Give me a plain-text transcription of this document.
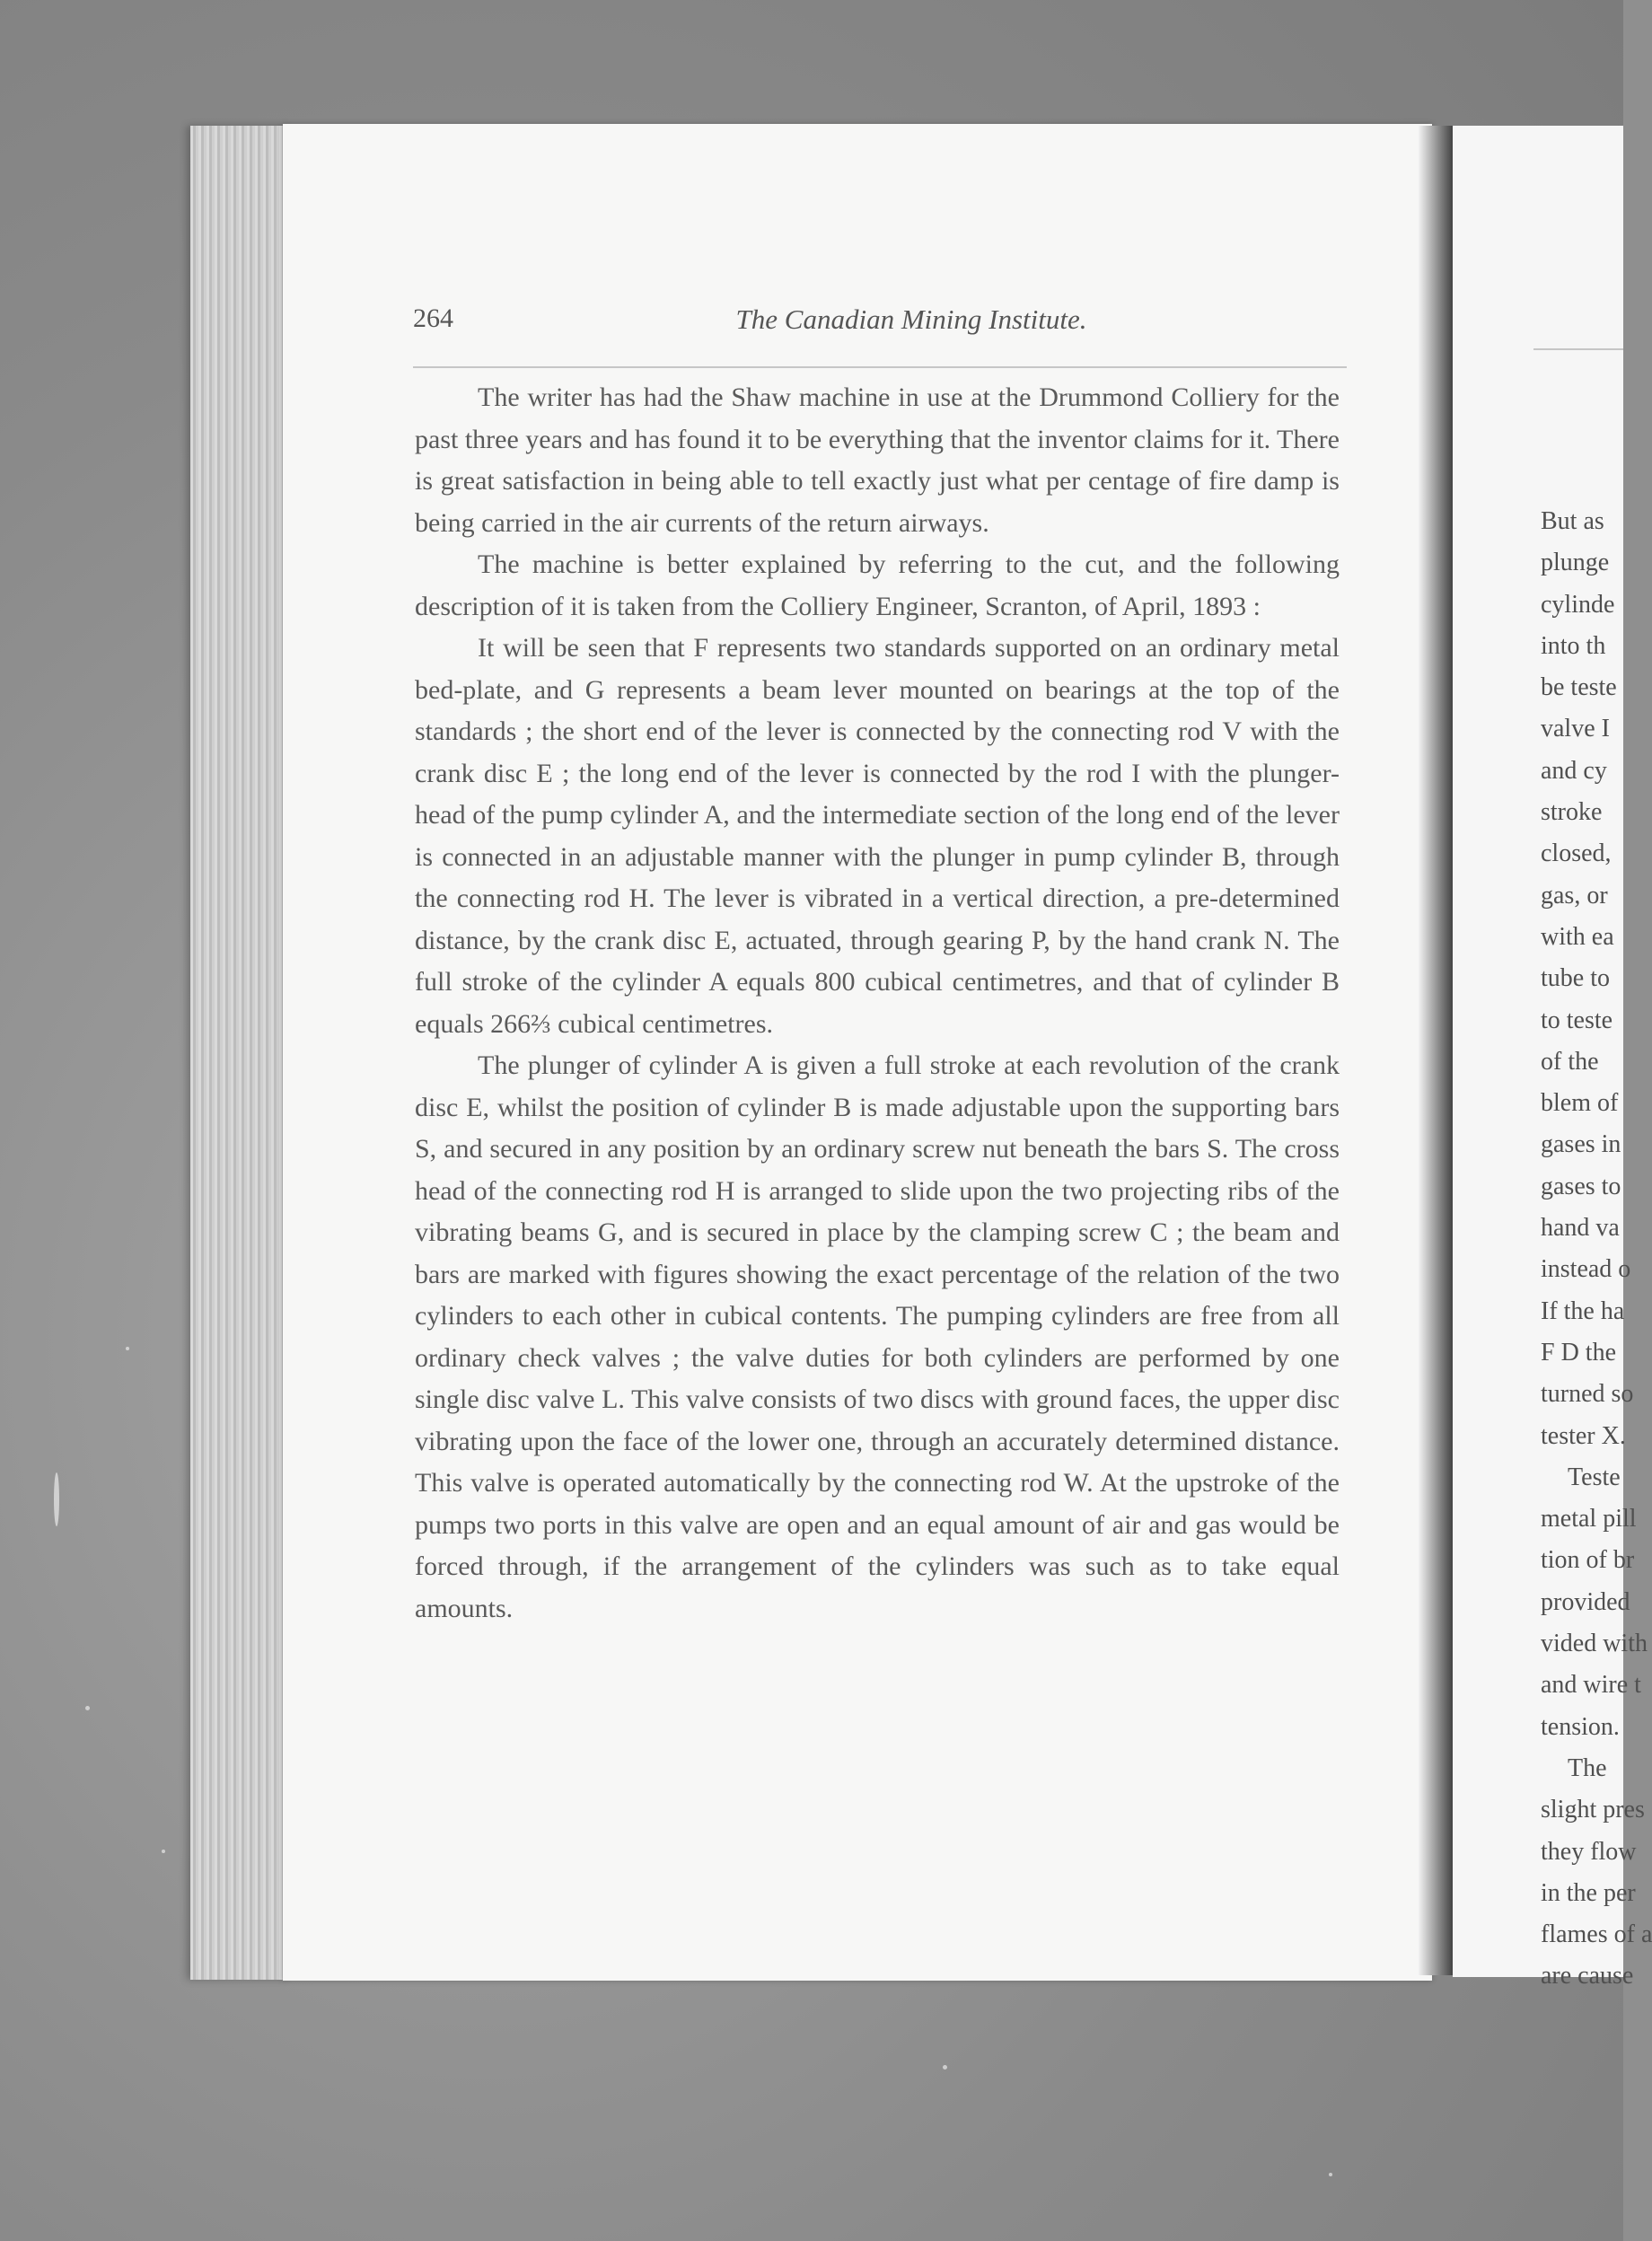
264	The Canadian Mining Institute.

The writer has had the Shaw machine in use at the Drummond Colliery for the past three years and has found it to be everything that the inventor claims for it. There is great satisfaction in being able to tell exactly just what per centage of fire damp is being carried in the air currents of the return airways.

The machine is better explained by referring to the cut, and the following description of it is taken from the Colliery Engineer, Scranton, of April, 1893 :

It will be seen that F represents two standards supported on an ordinary metal bed-plate, and G represents a beam lever mounted on bearings at the top of the standards ; the short end of the lever is connected by the connecting rod V with the crank disc E ; the long end of the lever is connected by the rod I with the plunger-head of the pump cylinder A, and the intermediate section of the long end of the lever is connected in an adjustable manner with the plunger in pump cylinder B, through the connecting rod H. The lever is vibrated in a vertical direction, a pre-determined distance, by the crank disc E, actuated, through gearing P, by the hand crank N. The full stroke of the cylinder A equals 800 cubical centimetres, and that of cylinder B equals 266⅔ cubical centimetres.

The plunger of cylinder A is given a full stroke at each revolution of the crank disc E, whilst the position of cylinder B is made adjustable upon the supporting bars S, and secured in any position by an ordinary screw nut beneath the bars S. The cross head of the connecting rod H is arranged to slide upon the two projecting ribs of the vibrating beams G, and is secured in place by the clamping screw C ; the beam and bars are marked with figures showing the exact percentage of the relation of the two cylinders to each other in cubical contents. The pumping cylinders are free from all ordinary check valves ; the valve duties for both cylinders are performed by one single disc valve L. This valve consists of two discs with ground faces, the upper disc vibrating upon the face of the lower one, through an accurately determined distance. This valve is operated automatically by the connecting rod W. At the upstroke of the pumps two ports in this valve are open and an equal amount of air and gas would be forced through, if the arrangement of the cylinders was such as to take equal amounts.

But as
plunge
cylinde
into th
be teste
valve I
and cy
stroke
closed,
gas, or
with ea
tube to
to teste
of the
blem of
gases in
gases to
hand va
instead o
If the ha
F D the
turned so
tester X.
Teste
metal pill
tion of br
provided
vided with
and wire t
tension.
The
slight pres
they flow
in the per
flames of a
are cause
